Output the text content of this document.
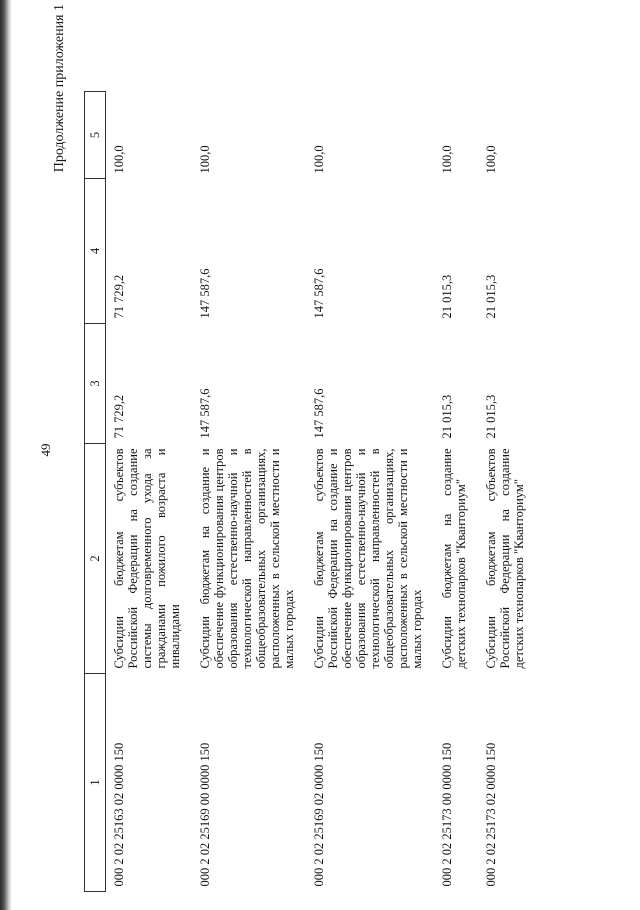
49
Продолжение приложения 1
1	2	3	4	5
000 2 02 25163 02 0000 150	Субсидии бюджетам субъектов Российской Федерации на создание системы долговременного ухода за гражданами пожилого возраста и инвалидами	71 729,2	71 729,2	100,0
000 2 02 25169 00 0000 150	Субсидии бюджетам на создание и обеспечение функционирования центров образования естественно-научной и технологической направленностей в общеобразовательных организациях, расположенных в сельской местности и малых городах	147 587,6	147 587,6	100,0
000 2 02 25169 02 0000 150	Субсидии бюджетам субъектов Российской Федерации на создание и обеспечение функционирования центров образования естественно-научной и технологической направленностей в общеобразовательных организациях, расположенных в сельской местности и малых городах	147 587,6	147 587,6	100,0
000 2 02 25173 00 0000 150	Субсидии бюджетам на создание детских технопарков "Кванториум"	21 015,3	21 015,3	100,0
000 2 02 25173 02 0000 150	Субсидии бюджетам субъектов Российской Федерации на создание детских технопарков "Кванториум"	21 015,3	21 015,3	100,0
